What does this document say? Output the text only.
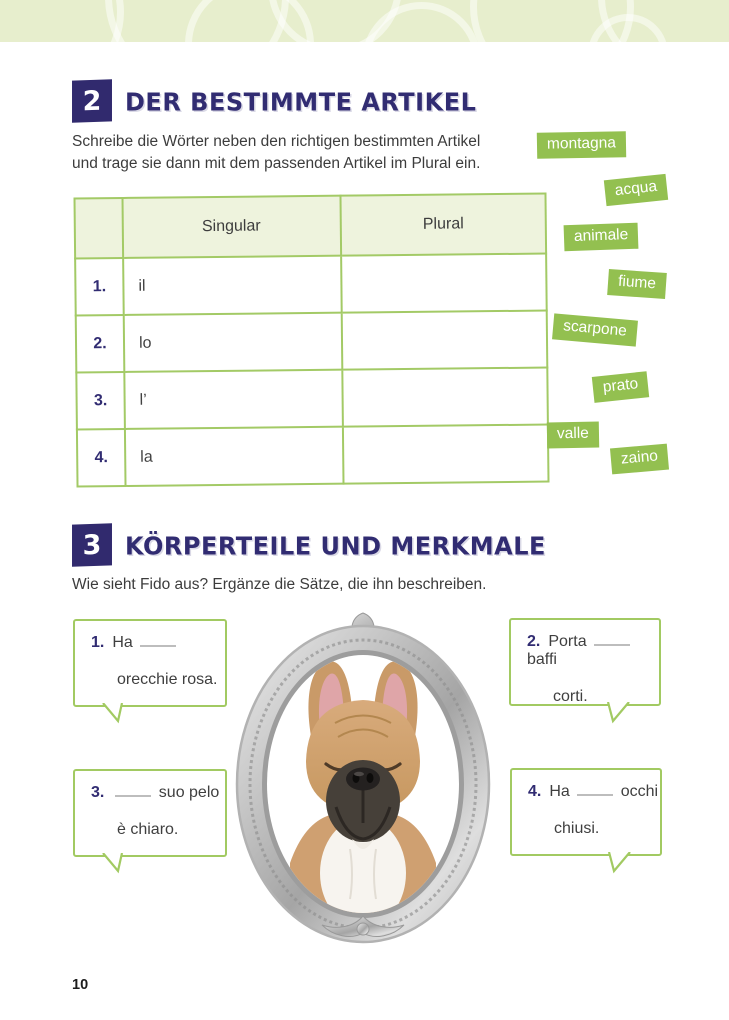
2 DER BESTIMMTE ARTIKEL
Schreibe die Wörter neben den richtigen bestimmten Artikel
und trage sie dann mit dem passenden Artikel im Plural ein.
	Singular	Plural
1.	il	
2.	lo	
3.	l’	
4.	la	
montagna
acqua
animale
fiume
scarpone
prato
valle
zaino
3 KÖRPERTEILE UND MERKMALE
Wie sieht Fido aus? Ergänze die Sätze, die ihn beschreiben.

1. Ha

orecchie rosa.

2. Porta  baffi

corti.

3.	suo pelo

è chiaro.

4. Ha	occhi

chiusi.

10
